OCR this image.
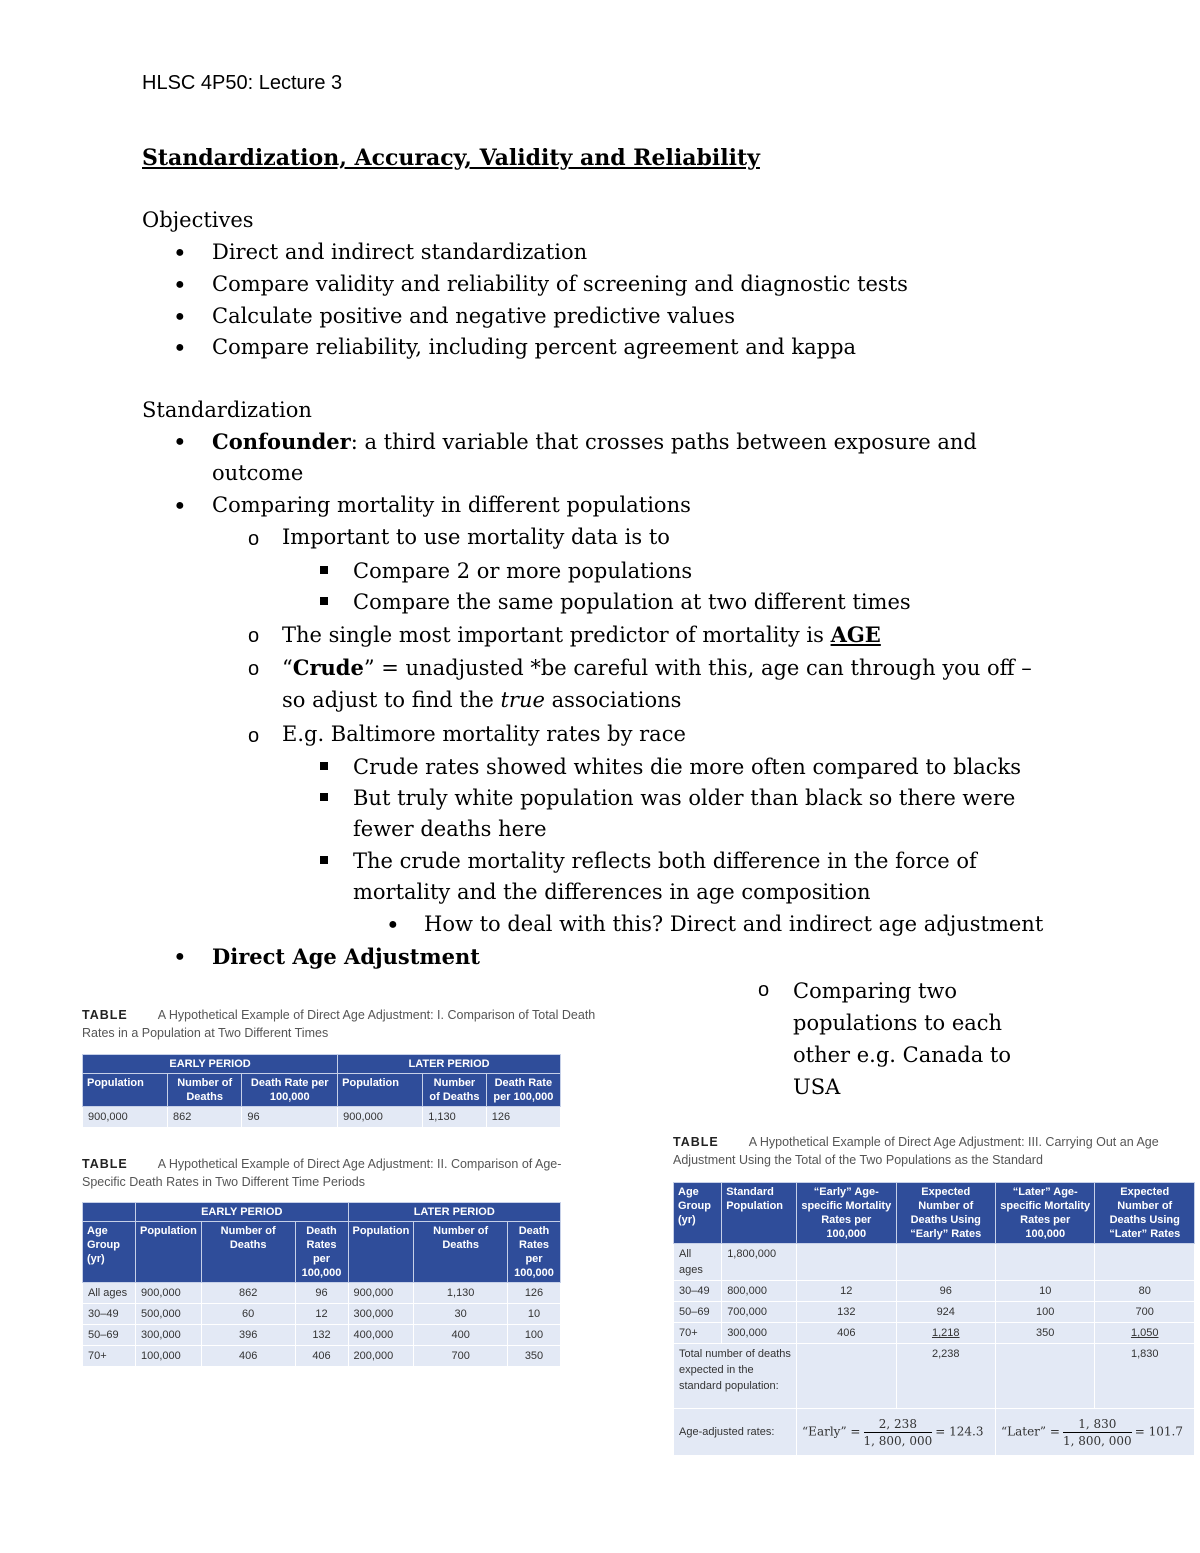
HLSC 4P50: Lecture 3
Standardization, Accuracy, Validity and Reliability
Objectives
● Direct and indirect standardization
● Compare validity and reliability of screening and diagnostic tests
● Calculate positive and negative predictive values
● Compare reliability, including percent agreement and kappa
Standardization
● Confounder: a third variable that crosses paths between exposure and
outcome
● Comparing mortality in different populations
o Important to use mortality data is to
Compare 2 or more populations
Compare the same population at two different times
o The single most important predictor of mortality is AGE
o “Crude” = unadjusted *be careful with this, age can through you off –
so adjust to find the true associations
o E.g. Baltimore mortality rates by race
Crude rates showed whites die more often compared to blacks
But truly white population was older than black so there were
fewer deaths here
The crude mortality reflects both difference in the force of
mortality and the differences in age composition
● How to deal with this? Direct and indirect age adjustment
● Direct Age Adjustment
o Comparing two
populations to each
other e.g. Canada to
USA
TABLE A Hypothetical Example of Direct Age Adjustment: I. Comparison of Total Death
Rates in a Population at Two Different Times
EARLY PERIOD			LATER PERIOD		
Population	Number of Deaths	Death Rate per 100,000	Population	Number of Deaths	Death Rate per 100,000
900,000	862	96	900,000	1,130	126
TABLE A Hypothetical Example of Direct Age Adjustment: II. Comparison of Age-
Specific Death Rates in Two Different Time Periods
	EARLY PERIOD			LATER PERIOD		
Age Group (yr)	Population	Number of Deaths	Death Rates per 100,000	Population	Number of Deaths	Death Rates per 100,000
All ages	900,000	862	96	900,000	1,130	126
30–49	500,000	60	12	300,000	30	10
50–69	300,000	396	132	400,000	400	100
70+	100,000	406	406	200,000	700	350
TABLE A Hypothetical Example of Direct Age Adjustment: III. Carrying Out an Age
Adjustment Using the Total of the Two Populations as the Standard
Age Group (yr)	Standard Population	“Early” Age-specific Mortality Rates per 100,000	Expected Number of Deaths Using “Early” Rates	“Later” Age-specific Mortality Rates per 100,000	Expected Number of Deaths Using “Later” Rates
All ages	1,800,000				
30–49	800,000	12	96	10	80
50–69	700,000	132	924	100	700
70+	300,000	406	1,218	350	1,050
Total number of deaths expected in the standard population:			2,238		1,830
Age-adjusted rates:		“Early” = $\frac{2, 238}{1, 800, 000} = 124.3$		“Later” = $\frac{1, 830}{1, 800, 000} = 101.7$	
